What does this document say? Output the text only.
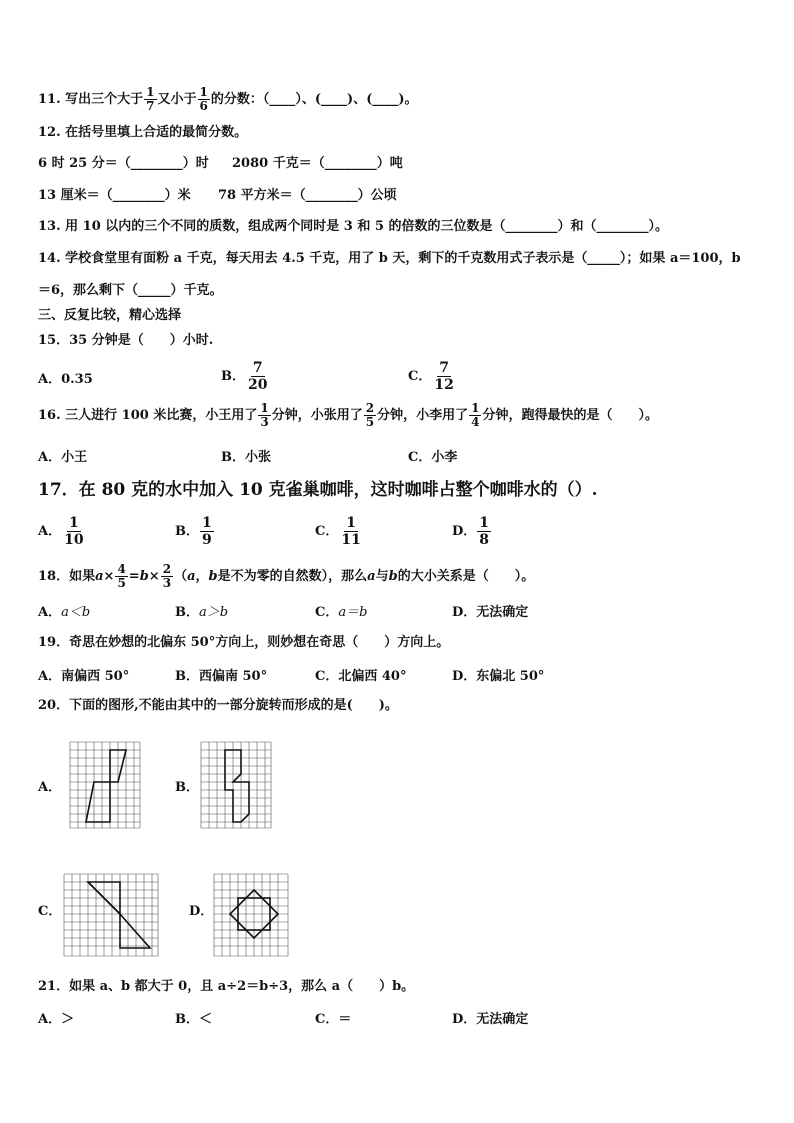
11. 写出三个大于 $\frac{1}{7}$ 又小于 $\frac{1}{6}$ 的分数：（____）、(____)、(____)。
12. 在括号里填上合适的最简分数。
6 时 25 分＝（________）时 2080 千克＝（________）吨
13 厘米＝（________）米 78 平方米＝（________）公顷
13. 用 10 以内的三个不同的质数，组成两个同时是 3 和 5 的倍数的三位数是（________）和（________）。
14. 学校食堂里有面粉 a 千克，每天用去 4.5 千克，用了 b 天，剩下的千克数用式子表示是（_____）；如果 a＝100，b
＝6，那么剩下（_____）千克。
三、反复比较，精心选择
15．35 分钟是（　　）小时.
A．0.35	B． $\frac{7}{20}$	C． $\frac{7}{12}$
16. 三人进行 100 米比赛，小王用了 $\frac{1}{3}$ 分钟，小张用了 $\frac{2}{5}$ 分钟，小李用了 $\frac{1}{4}$ 分钟，跑得最快的是（　　）。
A．小王	B．小张	C．小李
17．在 80 克的水中加入 10 克雀巢咖啡，这时咖啡占整个咖啡水的（）.
A． $\frac{1}{10}$	B． $\frac{1}{9}$	C． $\frac{1}{11}$	D． $\frac{1}{8}$
18．如果$a\times \frac{4}{5} =b\times \frac{2}{3} (a$，b是不为零的自然数），那么a与b的大小关系是（　　）。
A．a＜b	B．a＞b	C．a＝b	D．无法确定
19．奇思在妙想的北偏东 50°方向上，则妙想在奇思（　　）方向上。
A．南偏西 50°	B．西偏南 50°	C．北偏西 40°	D．东偏北 50°
20．下面的图形,不能由其中的一部分旋转而形成的是(　　)。
A．	B．
C．	D．
21．如果 a、b 都大于 0，且 a÷2＝b÷3，那么 a（　　）b。
A．＞	B．＜	C．＝	D．无法确定
